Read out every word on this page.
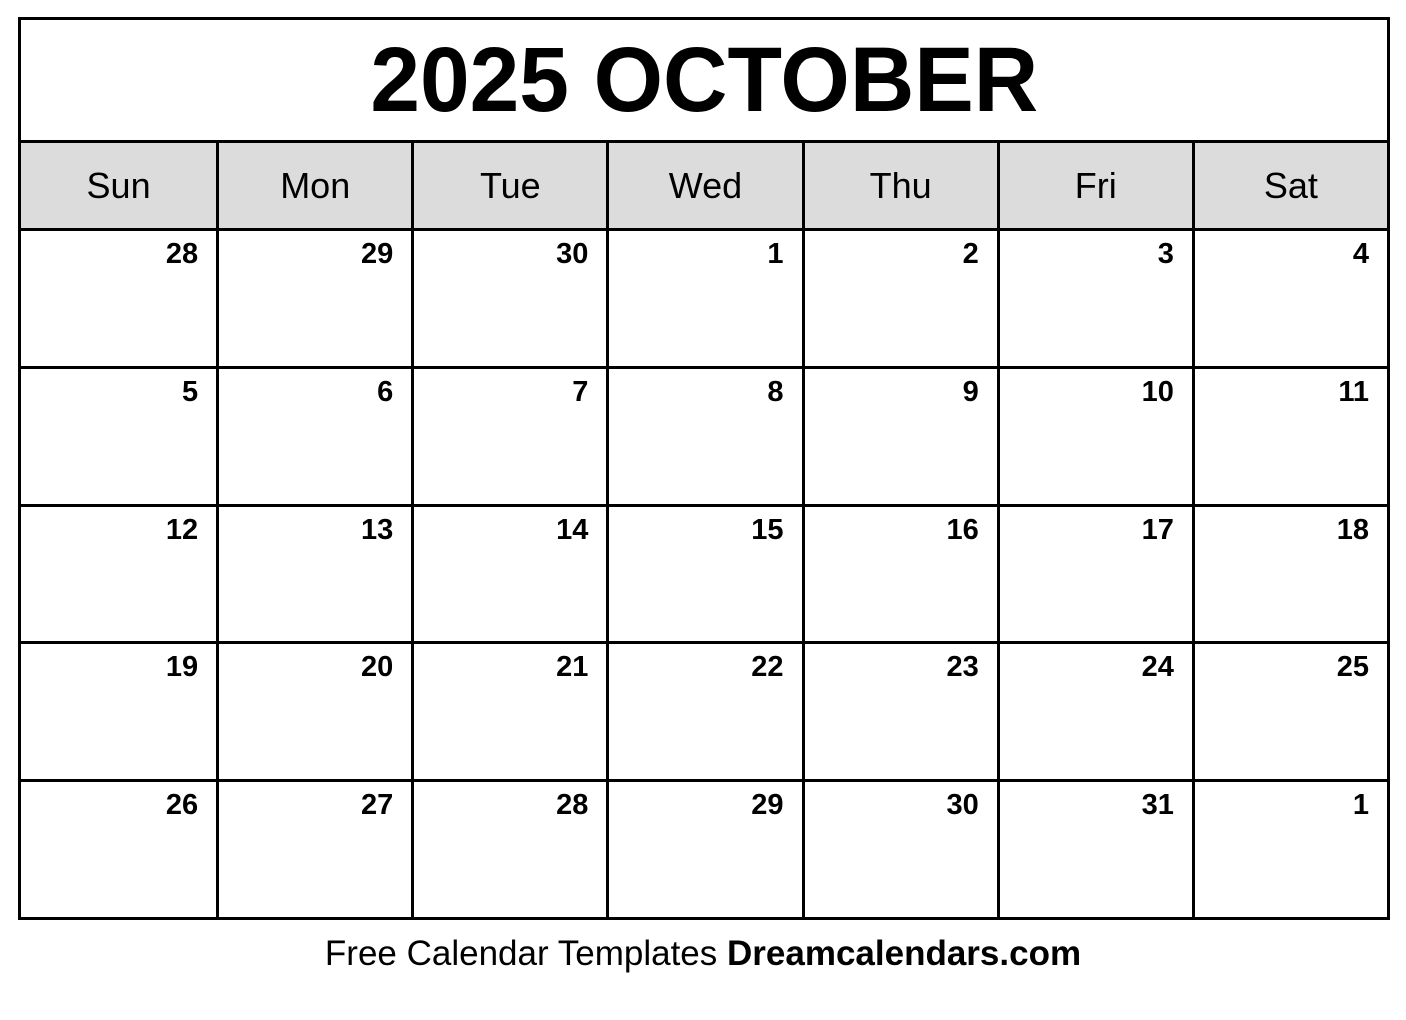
2025 OCTOBER
Sun	Mon	Tue	Wed	Thu	Fri	Sat
28	29	30	1	2	3	4
5	6	7	8	9	10	11
12	13	14	15	16	17	18
19	20	21	22	23	24	25
26	27	28	29	30	31	1
Free Calendar Templates Dreamcalendars.com
